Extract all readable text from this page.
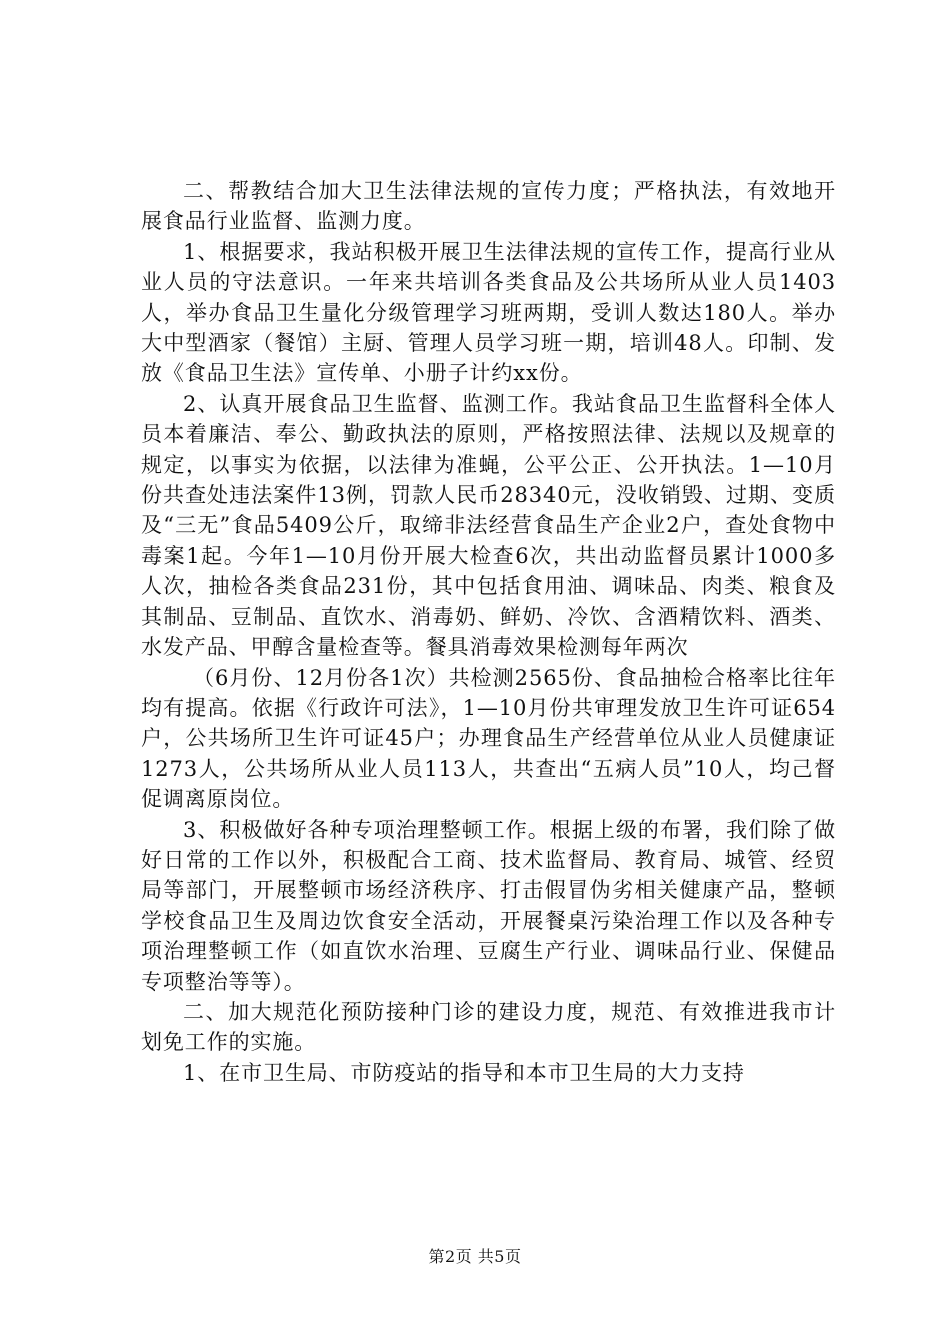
二、帮教结合加大卫生法律法规的宣传力度；严格执法，有效地开展食品行业监督、监测力度。

1、根据要求，我站积极开展卫生法律法规的宣传工作，提高行业从业人员的守法意识。一年来共培训各类食品及公共场所从业人员1403人，举办食品卫生量化分级管理学习班两期，受训人数达180人。举办大中型酒家（餐馆）主厨、管理人员学习班一期，培训48人。印制、发放《食品卫生法》宣传单、小册子计约xx份。

2、认真开展食品卫生监督、监测工作。我站食品卫生监督科全体人员本着廉洁、奉公、勤政执法的原则，严格按照法律、法规以及规章的规定，以事实为依据，以法律为准蝇，公平公正、公开执法。1—10月份共查处违法案件13例，罚款人民币28340元，没收销毁、过期、变质及“三无”食品5409公斤，取缔非法经营食品生产企业2户，查处食物中毒案1起。今年1—10月份开展大检查6次，共出动监督员累计1000多人次，抽检各类食品231份，其中包括食用油、调味品、肉类、粮食及其制品、豆制品、直饮水、消毒奶、鲜奶、冷饮、含酒精饮料、酒类、水发产品、甲醇含量检查等。餐具消毒效果检测每年两次

（6月份、12月份各1次）共检测2565份、食品抽检合格率比往年均有提高。依据《行政许可法》，1—10月份共审理发放卫生许可证654户，公共场所卫生许可证45户；办理食品生产经营单位从业人员健康证1273人，公共场所从业人员113人，共查出“五病人员”10人，均己督促调离原岗位。

3、积极做好各种专项治理整顿工作。根据上级的布署，我们除了做好日常的工作以外，积极配合工商、技术监督局、教育局、城管、经贸局等部门，开展整顿市场经济秩序、打击假冒伪劣相关健康产品，整顿学校食品卫生及周边饮食安全活动，开展餐桌污染治理工作以及各种专项治理整顿工作（如直饮水治理、豆腐生产行业、调味品行业、保健品专项整治等等）。

二、加大规范化预防接种门诊的建设力度，规范、有效推进我市计划免工作的实施。

1、在市卫生局、市防疫站的指导和本市卫生局的大力支持

第2页 共5页
